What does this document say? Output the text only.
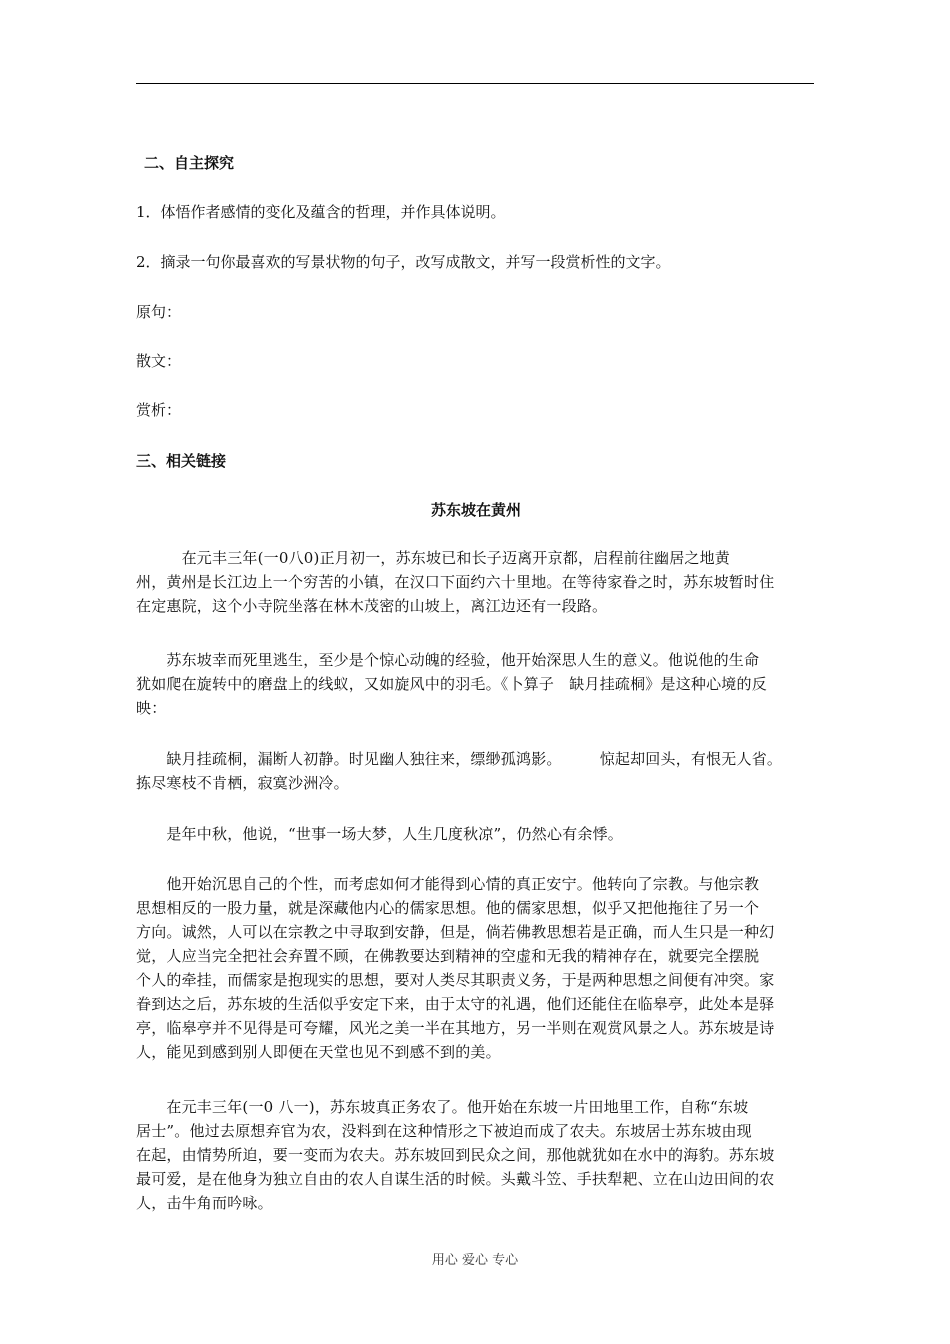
二、自主探究
1．体悟作者感情的变化及蕴含的哲理，并作具体说明。
2．摘录一句你最喜欢的写景状物的句子，改写成散文，并写一段赏析性的文字。
原句：
散文：
赏析：
三、相关链接
苏东坡在黄州
　　　在元丰三年(一0八0)正月初一，苏东坡已和长子迈离开京都，启程前往幽居之地黄
州，黄州是长江边上一个穷苦的小镇，在汉口下面约六十里地。在等待家眷之时，苏东坡暂时住
在定惠院，这个小寺院坐落在林木茂密的山坡上，离江边还有一段路。
　　苏东坡幸而死里逃生，至少是个惊心动魄的经验，他开始深思人生的意义。他说他的生命
犹如爬在旋转中的磨盘上的线蚁，又如旋风中的羽毛。《卜算子　缺月挂疏桐》是这种心境的反
映：
　　缺月挂疏桐，漏断人初静。时见幽人独往来，缥缈孤鸿影。　　　惊起却回头，有恨无人省。
拣尽寒枝不肯栖，寂寞沙洲冷。
　　是年中秋，他说，“世事一场大梦，人生几度秋凉”，仍然心有余悸。
　　他开始沉思自己的个性，而考虑如何才能得到心情的真正安宁。他转向了宗教。与他宗教
思想相反的一股力量，就是深藏他内心的儒家思想。他的儒家思想，似乎又把他拖往了另一个
方向。诚然，人可以在宗教之中寻取到安静，但是，倘若佛教思想若是正确，而人生只是一种幻
觉，人应当完全把社会弃置不顾，在佛教要达到精神的空虚和无我的精神存在，就要完全摆脱
个人的牵挂，而儒家是抱现实的思想，要对人类尽其职责义务，于是两种思想之间便有冲突。家
眷到达之后，苏东坡的生活似乎安定下来，由于太守的礼遇，他们还能住在临皋亭，此处本是驿
亭，临皋亭并不见得是可夸耀，风光之美一半在其地方，另一半则在观赏风景之人。苏东坡是诗
人，能见到感到别人即便在天堂也见不到感不到的美。
　　在元丰三年(一0 八一)，苏东坡真正务农了。他开始在东坡一片田地里工作，自称“东坡
居士”。他过去原想弃官为农，没料到在这种情形之下被迫而成了农夫。东坡居士苏东坡由现
在起，由情势所迫，要一变而为农夫。苏东坡回到民众之间，那他就犹如在水中的海豹。苏东坡
最可爱，是在他身为独立自由的农人自谋生活的时候。头戴斗笠、手扶犁耙、立在山边田间的农
人，击牛角而吟咏。
用心 爱心 专心
